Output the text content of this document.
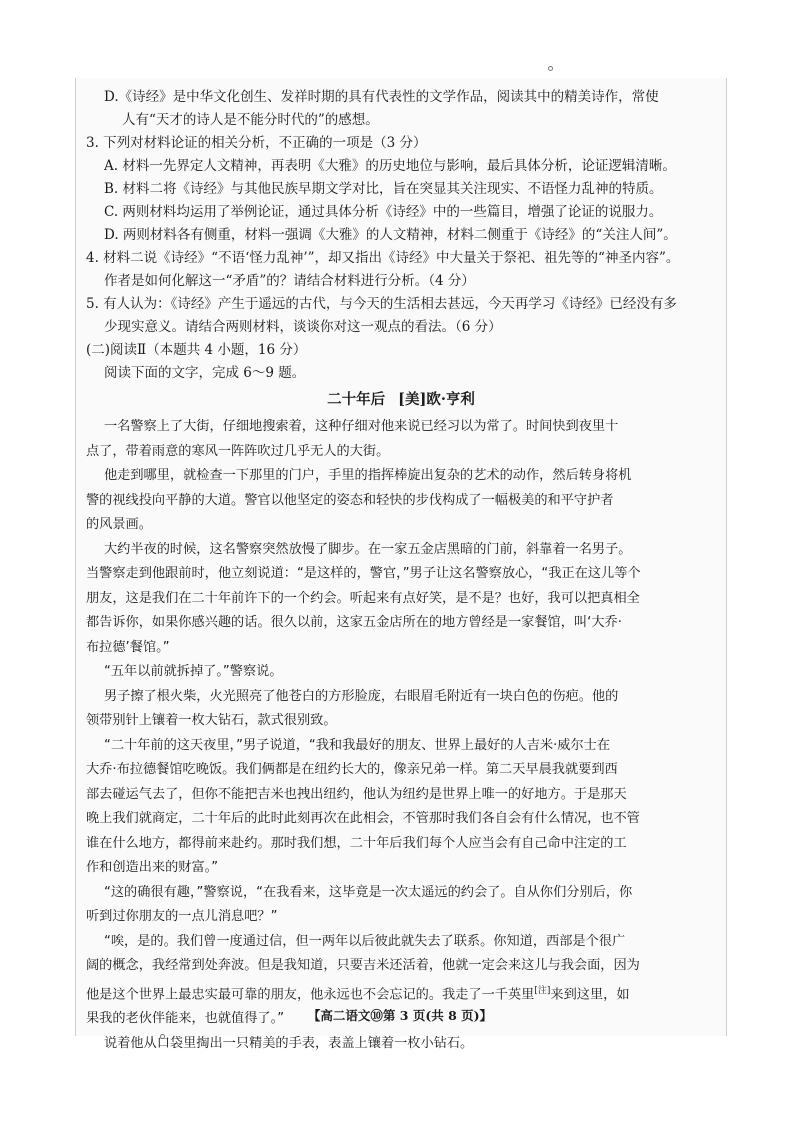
D.《诗经》是中华文化创生、发祥时期的具有代表性的文学作品，阅读其中的精美诗作，常使
人有“天才的诗人是不能分时代的”的感想。
3. 下列对材料论证的相关分析，不正确的一项是（3 分）
A. 材料一先界定人文精神，再表明《大雅》的历史地位与影响，最后具体分析，论证逻辑清晰。
B. 材料二将《诗经》与其他民族早期文学对比，旨在突显其关注现实、不语怪力乱神的特质。
C. 两则材料均运用了举例论证，通过具体分析《诗经》中的一些篇目，增强了论证的说服力。
D. 两则材料各有侧重，材料一强调《大雅》的人文精神，材料二侧重于《诗经》的“关注人间”。
4. 材料二说《诗经》“不语‘怪力乱神’”，却又指出《诗经》中大量关于祭祀、祖先等的“神圣内容”。
作者是如何化解这一“矛盾”的？请结合材料进行分析。（4 分）
5. 有人认为：《诗经》产生于遥远的古代，与今天的生活相去甚远，今天再学习《诗经》已经没有多
少现实意义。请结合两则材料，谈谈你对这一观点的看法。（6 分）
(二)阅读Ⅱ（本题共 4 小题，16 分）
阅读下面的文字，完成 6～9 题。
二十年后 [美]欧·亨利
一名警察上了大街，仔细地搜索着，这种仔细对他来说已经习以为常了。时间快到夜里十
点了，带着雨意的寒风一阵阵吹过几乎无人的大街。
他走到哪里，就检查一下那里的门户，手里的指挥棒旋出复杂的艺术的动作，然后转身将机
警的视线投向平静的大道。警官以他坚定的姿态和轻快的步伐构成了一幅极美的和平守护者
的风景画。
大约半夜的时候，这名警察突然放慢了脚步。在一家五金店黑暗的门前，斜靠着一名男子。
当警察走到他跟前时，他立刻说道：“是这样的，警官，”男子让这名警察放心，“我正在这儿等个
朋友，这是我们在二十年前许下的一个约会。听起来有点好笑，是不是？也好，我可以把真相全
都告诉你，如果你感兴趣的话。很久以前，这家五金店所在的地方曾经是一家餐馆，叫‘大乔·
布拉德’餐馆。”
“五年以前就拆掉了。”警察说。
男子擦了根火柴，火光照亮了他苍白的方形脸庞，右眼眉毛附近有一块白色的伤疤。他的
领带别针上镶着一枚大钻石，款式很别致。
“二十年前的这天夜里，”男子说道，“我和我最好的朋友、世界上最好的人吉米·威尔士在
大乔·布拉德餐馆吃晚饭。我们俩都是在纽约长大的，像亲兄弟一样。第二天早晨我就要到西
部去碰运气去了，但你不能把吉米也拽出纽约，他认为纽约是世界上唯一的好地方。于是那天
晚上我们就商定，二十年后的此时此刻再次在此相会，不管那时我们各自会有什么情况，也不管
谁在什么地方，都得前来赴约。那时我们想，二十年后我们每个人应当会有自己命中注定的工
作和创造出来的财富。”
“这的确很有趣，”警察说，“在我看来，这毕竟是一次太遥远的约会了。自从你们分别后，你
听到过你朋友的一点儿消息吧？”
“唉，是的。我们曾一度通过信，但一两年以后彼此就失去了联系。你知道，西部是个很广
阔的概念，我经常到处奔波。但是我知道，只要吉米还活着，他就一定会来这儿与我会面，因为
他是这个世界上最忠实最可靠的朋友，他永远也不会忘记的。我走了一千英里[注]来到这里，如
果我的老伙伴能来，也就值得了。”
说着他从口袋里掏出一只精美的手表，表盖上镶着一枚小钻石。
【高二语文⑩第 3 页(共 8 页)】
